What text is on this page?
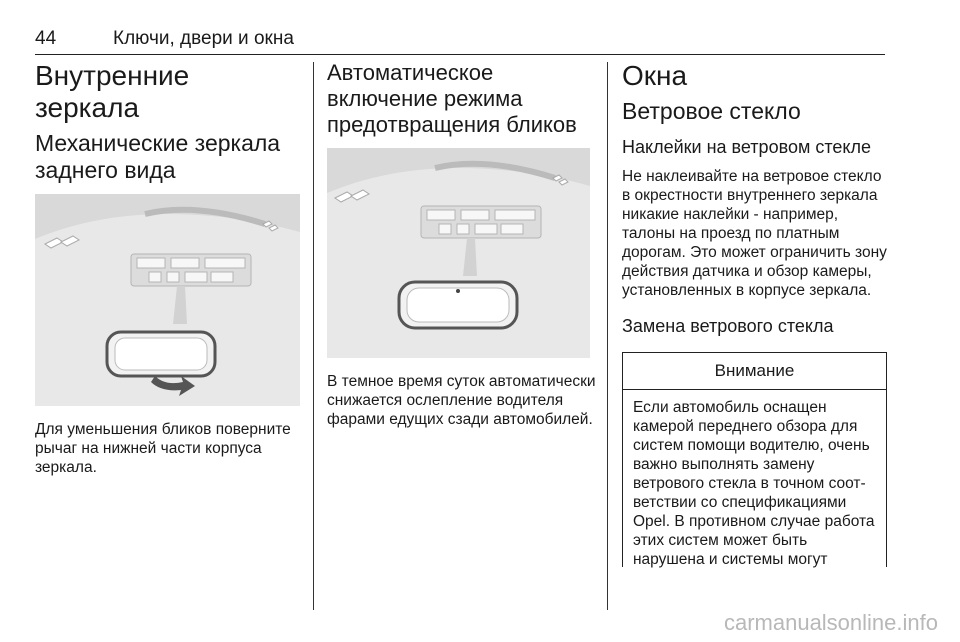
44	Ключи, двери и окна
Внутренние зеркала
Механические зеркала заднего вида

Для уменьшения бликов поверните рычаг на нижней части корпуса зеркала.

Автоматическое включение режима предотвращения бликов

В темное время суток автоматически снижается ослепление водителя фарами едущих сзади автомобилей.

Окна
Ветровое стекло
Наклейки на ветровом стекле

Не наклеивайте на ветровое стекло в окрестности внутреннего зеркала никакие наклейки - например, талоны на проезд по платным дорогам. Это может ограничить зону действия датчика и обзор камеры, установленных в корпусе зеркала.

Замена ветрового стекла
Внимание
Если автомобиль оснащен камерой переднего обзора для систем помощи водителю, очень важно выполнять замену ветрового стекла в точном соответствии со спецификациями Opel. В противном случае работа этих систем может быть нарушена и системы могут
carmanualsonline.info
